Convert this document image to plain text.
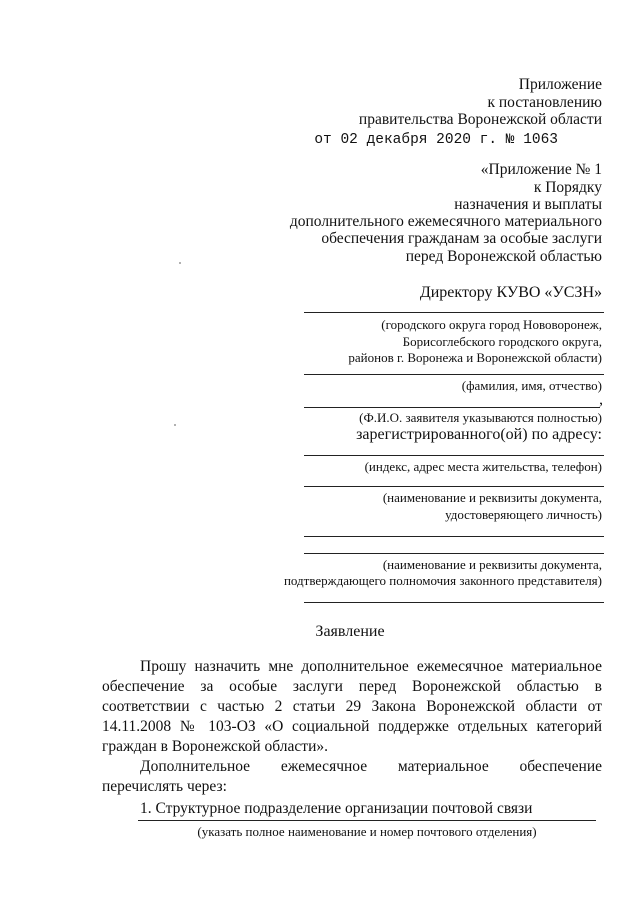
Приложение
к постановлению
правительства Воронежской области
от 02 декабря 2020 г. № 1063
«Приложение № 1
к Порядку
назначения и выплаты
дополнительного ежемесячного материального
обеспечения гражданам за особые заслуги
перед Воронежской областью
Директору КУВО «УСЗН»
(городского округа город Нововоронеж,
Борисоглебского городского округа,
районов г. Воронежа и Воронежской области)
(фамилия, имя, отчество)
,
(Ф.И.О. заявителя указываются полностью)
зарегистрированного(ой) по адресу:
(индекс, адрес места жительства, телефон)
(наименование и реквизиты документа,
удостоверяющего личность)
(наименование и реквизиты документа,
подтверждающего полномочия законного представителя)
Заявление
Прошу назначить мне дополнительное ежемесячное материальное обеспечение за особые заслуги перед Воронежской областью в соответствии с частью 2 статьи 29 Закона Воронежской области от 14.11.2008 № 103-ОЗ «О социальной поддержке отдельных категорий граждан в Воронежской области».
Дополнительное ежемесячное материальное обеспечение перечислять через:
1. Структурное подразделение организации почтовой связи
(указать полное наименование и номер почтового отделения)
